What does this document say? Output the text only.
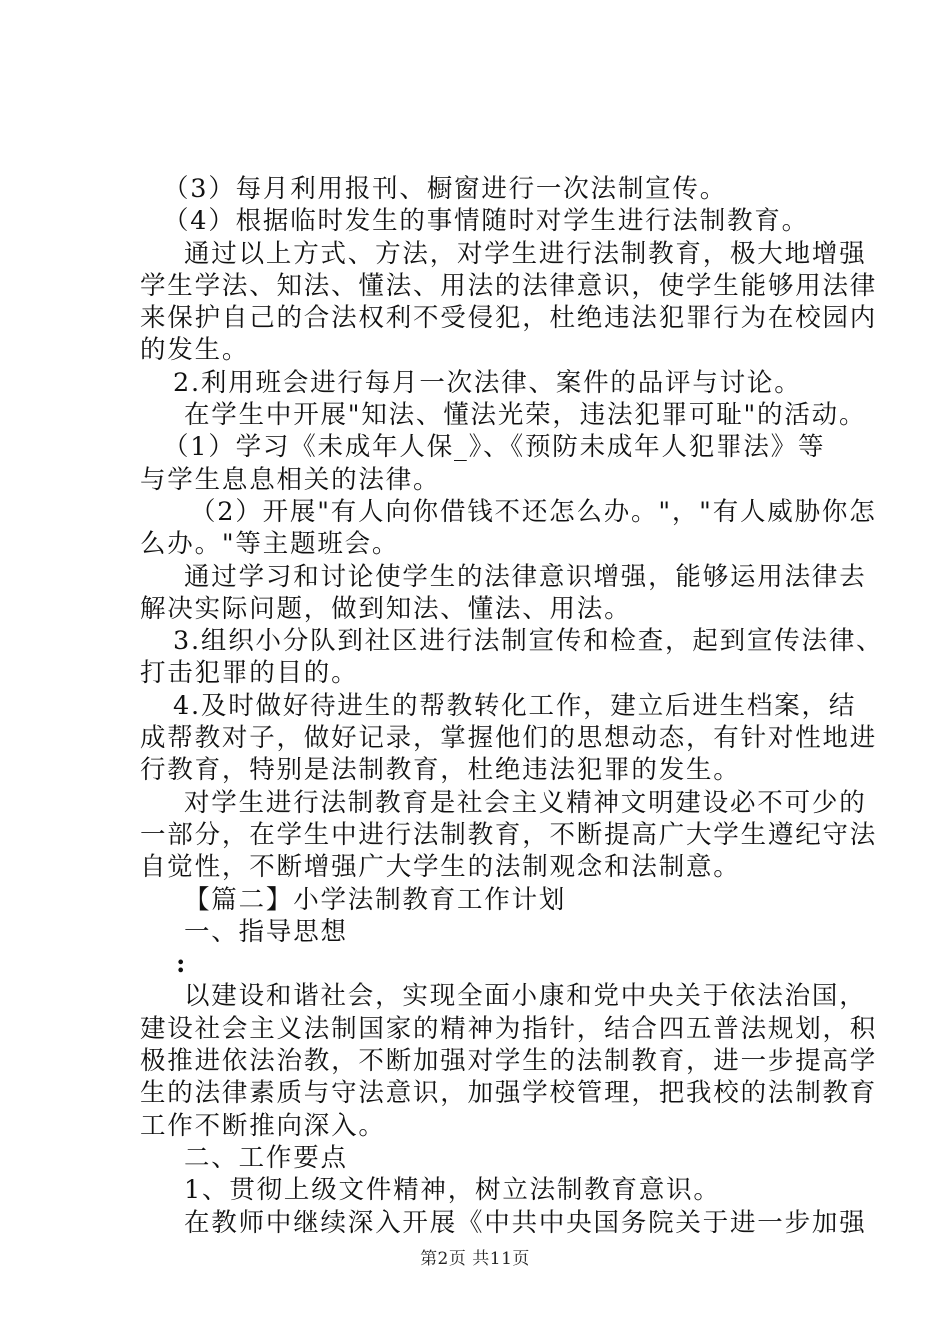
（3）每月利用报刊、橱窗进行一次法制宣传。
（4）根据临时发生的事情随时对学生进行法制教育。
通过以上方式、方法，对学生进行法制教育，极大地增强
学生学法、知法、懂法、用法的法律意识，使学生能够用法律
来保护自己的合法权利不受侵犯，杜绝违法犯罪行为在校园内
的发生。
2.利用班会进行每月一次法律、案件的品评与讨论。
在学生中开展"知法、懂法光荣，违法犯罪可耻"的活动。
（1）学习《未成年人保_》、《预防未成年人犯罪法》等
与学生息息相关的法律。
（2）开展"有人向你借钱不还怎么办。"，"有人威胁你怎
么办。"等主题班会。
通过学习和讨论使学生的法律意识增强，能够运用法律去
解决实际问题，做到知法、懂法、用法。
3.组织小分队到社区进行法制宣传和检查，起到宣传法律、
打击犯罪的目的。
4.及时做好待进生的帮教转化工作，建立后进生档案，结
成帮教对子，做好记录，掌握他们的思想动态，有针对性地进
行教育，特别是法制教育，杜绝违法犯罪的发生。
对学生进行法制教育是社会主义精神文明建设必不可少的
一部分，在学生中进行法制教育，不断提高广大学生遵纪守法
自觉性，不断增强广大学生的法制观念和法制意。
【篇二】小学法制教育工作计划
一、指导思想
:
以建设和谐社会，实现全面小康和党中央关于依法治国，
建设社会主义法制国家的精神为指针，结合四五普法规划，积
极推进依法治教，不断加强对学生的法制教育，进一步提高学
生的法律素质与守法意识，加强学校管理，把我校的法制教育
工作不断推向深入。
二、工作要点
1、贯彻上级文件精神，树立法制教育意识。
在教师中继续深入开展《中共中央国务院关于进一步加强
第2页 共11页
